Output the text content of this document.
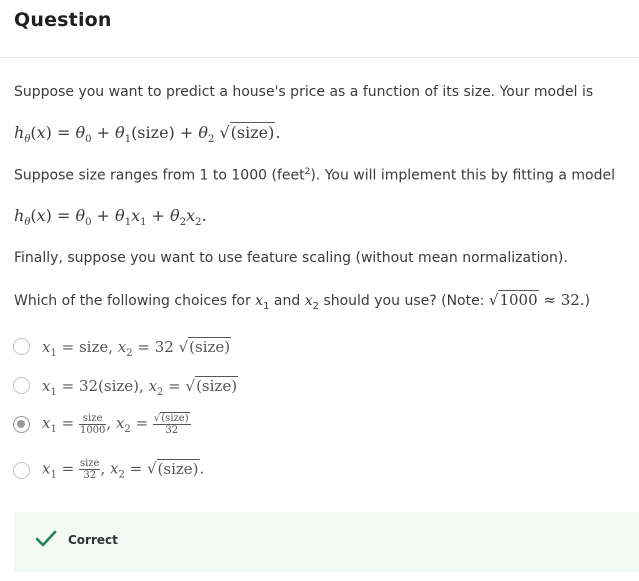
Question
Suppose you want to predict a house's price as a function of its size. Your model is
$h_\theta(x) = \theta_0$ + $\theta_1(size) + \theta_2$ √(size).
Suppose size ranges from 1 to 1000 (feet$^2$). You will implement this by fitting a model
$h_\theta(x) = \theta_0 + \theta_1x_1 + \theta_2x_2$.
Finally, suppose you want to use feature scaling (without mean normalization).
Which of the following choices for $x_1$ and $x_2$ should you use? (Note: √1000 ≈ 32.)
$x_1$ = size, $x_2 = 32$ √(size)
$x_1$ = 32(size), $x_2$ = √(size)
$x_1 = \frac{\text{size}}{1000}$ , $x_2 = \frac{\text{√(size)}}{32}$
$x_1 = \frac{\text{size}}{32}$ , $x_2$ = √(size).
Correct
